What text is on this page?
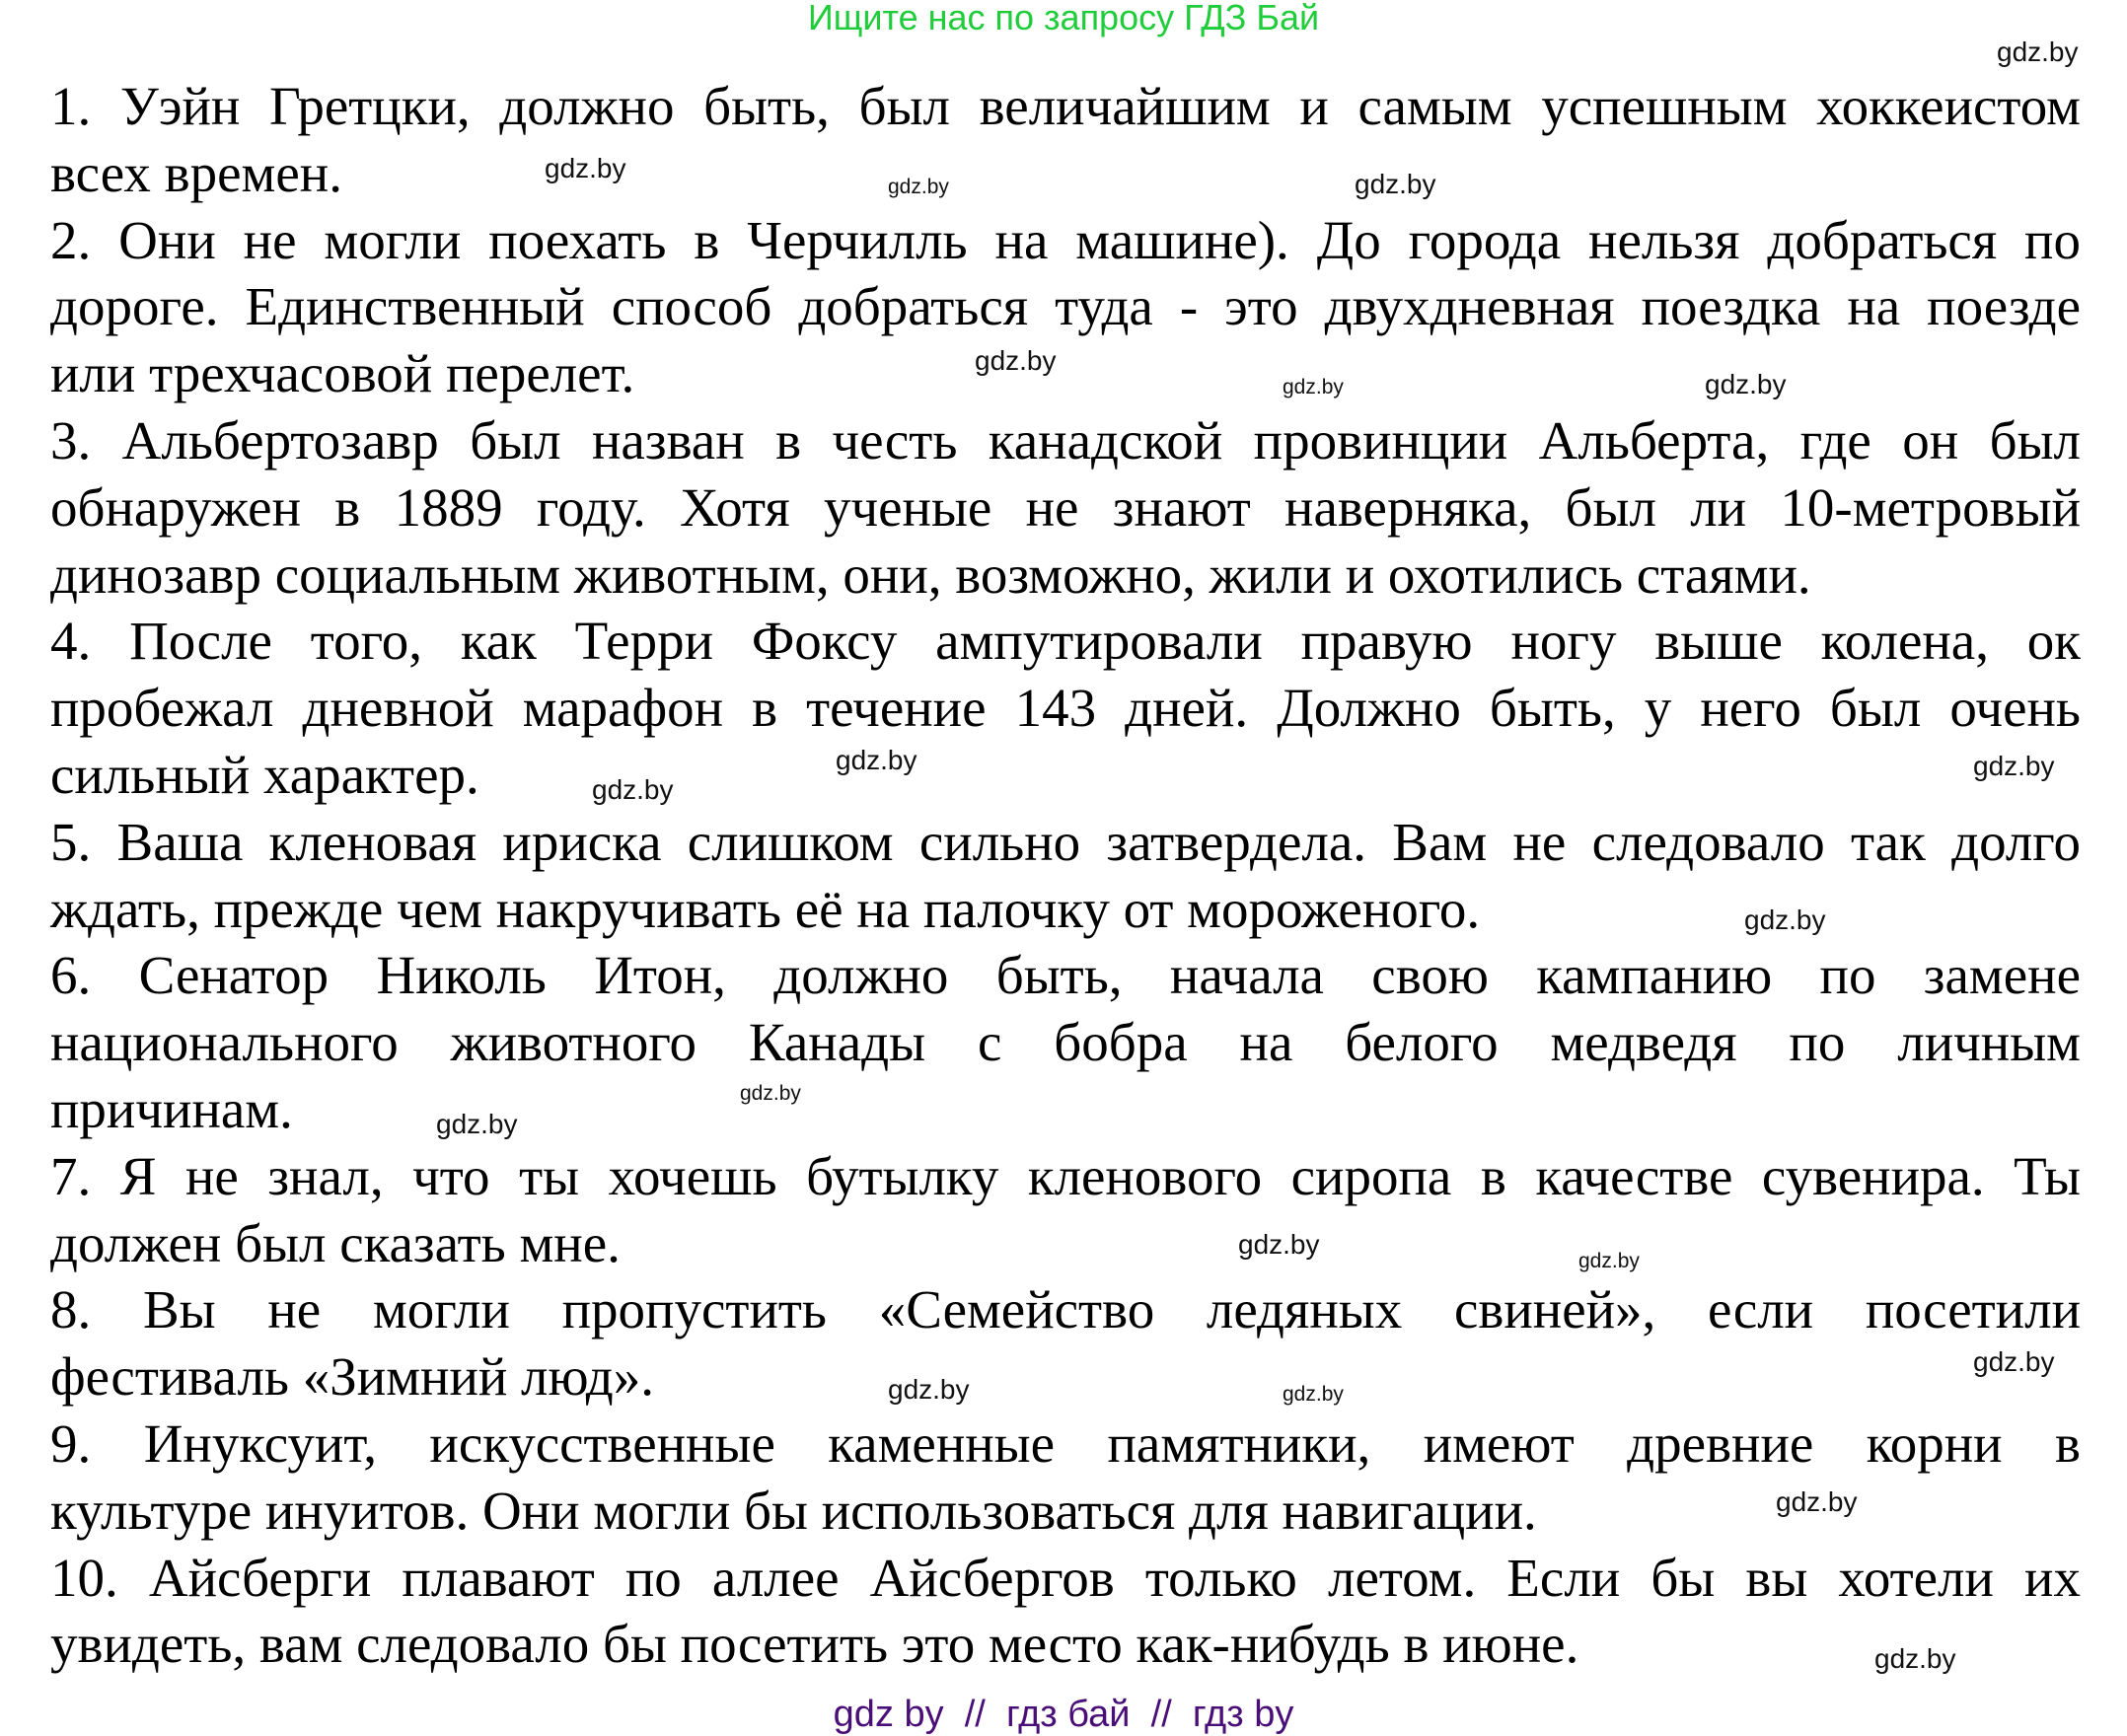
Ищите нас по запросу ГДЗ Бай
1. Уэйн Гретцки, должно быть, был величайшим и самым успешным хоккеистом
всех времен.
2. Они не могли поехать в Черчилль на машине). До города нельзя добраться по
дороге. Единственный способ добраться туда - это двухдневная поездка на поезде
или трехчасовой перелет.
3. Альбертозавр был назван в честь канадской провинции Альберта, где он был
обнаружен в 1889 году. Хотя ученые не знают наверняка, был ли 10-метровый
динозавр социальным животным, они, возможно, жили и охотились стаями.
4. После того, как Терри Фоксу ампутировали правую ногу выше колена, ок
пробежал дневной марафон в течение 143 дней. Должно быть, у него был очень
сильный характер.
5. Ваша кленовая ириска слишком сильно затвердела. Вам не следовало так долго
ждать, прежде чем накручивать её на палочку от мороженого.
6. Сенатор Николь Итон, должно быть, начала свою кампанию по замене
национального животного Канады с бобра на белого медведя по личным
причинам.
7. Я не знал, что ты хочешь бутылку кленового сиропа в качестве сувенира. Ты
должен был сказать мне.
8. Вы не могли пропустить «Семейство ледяных свиней», если посетили
фестиваль «Зимний люд».
9. Инуксуит, искусственные каменные памятники, имеют древние корни в
культуре инуитов. Они могли бы использоваться для навигации.
10. Айсберги плавают по аллее Айсбергов только летом. Если бы вы хотели их
увидеть, вам следовало бы посетить это место как-нибудь в июне.
gdz.by
gdz.by
gdz.by
gdz.by
gdz.by
gdz.by
gdz.by
gdz.by
gdz.by
gdz.by
gdz.by
gdz.by
gdz.by
gdz.by
gdz.by
gdz.by
gdz.by	gdz.by
gdz.by
gdz.by
gdz by  //  гдз бай  //  гдз by
